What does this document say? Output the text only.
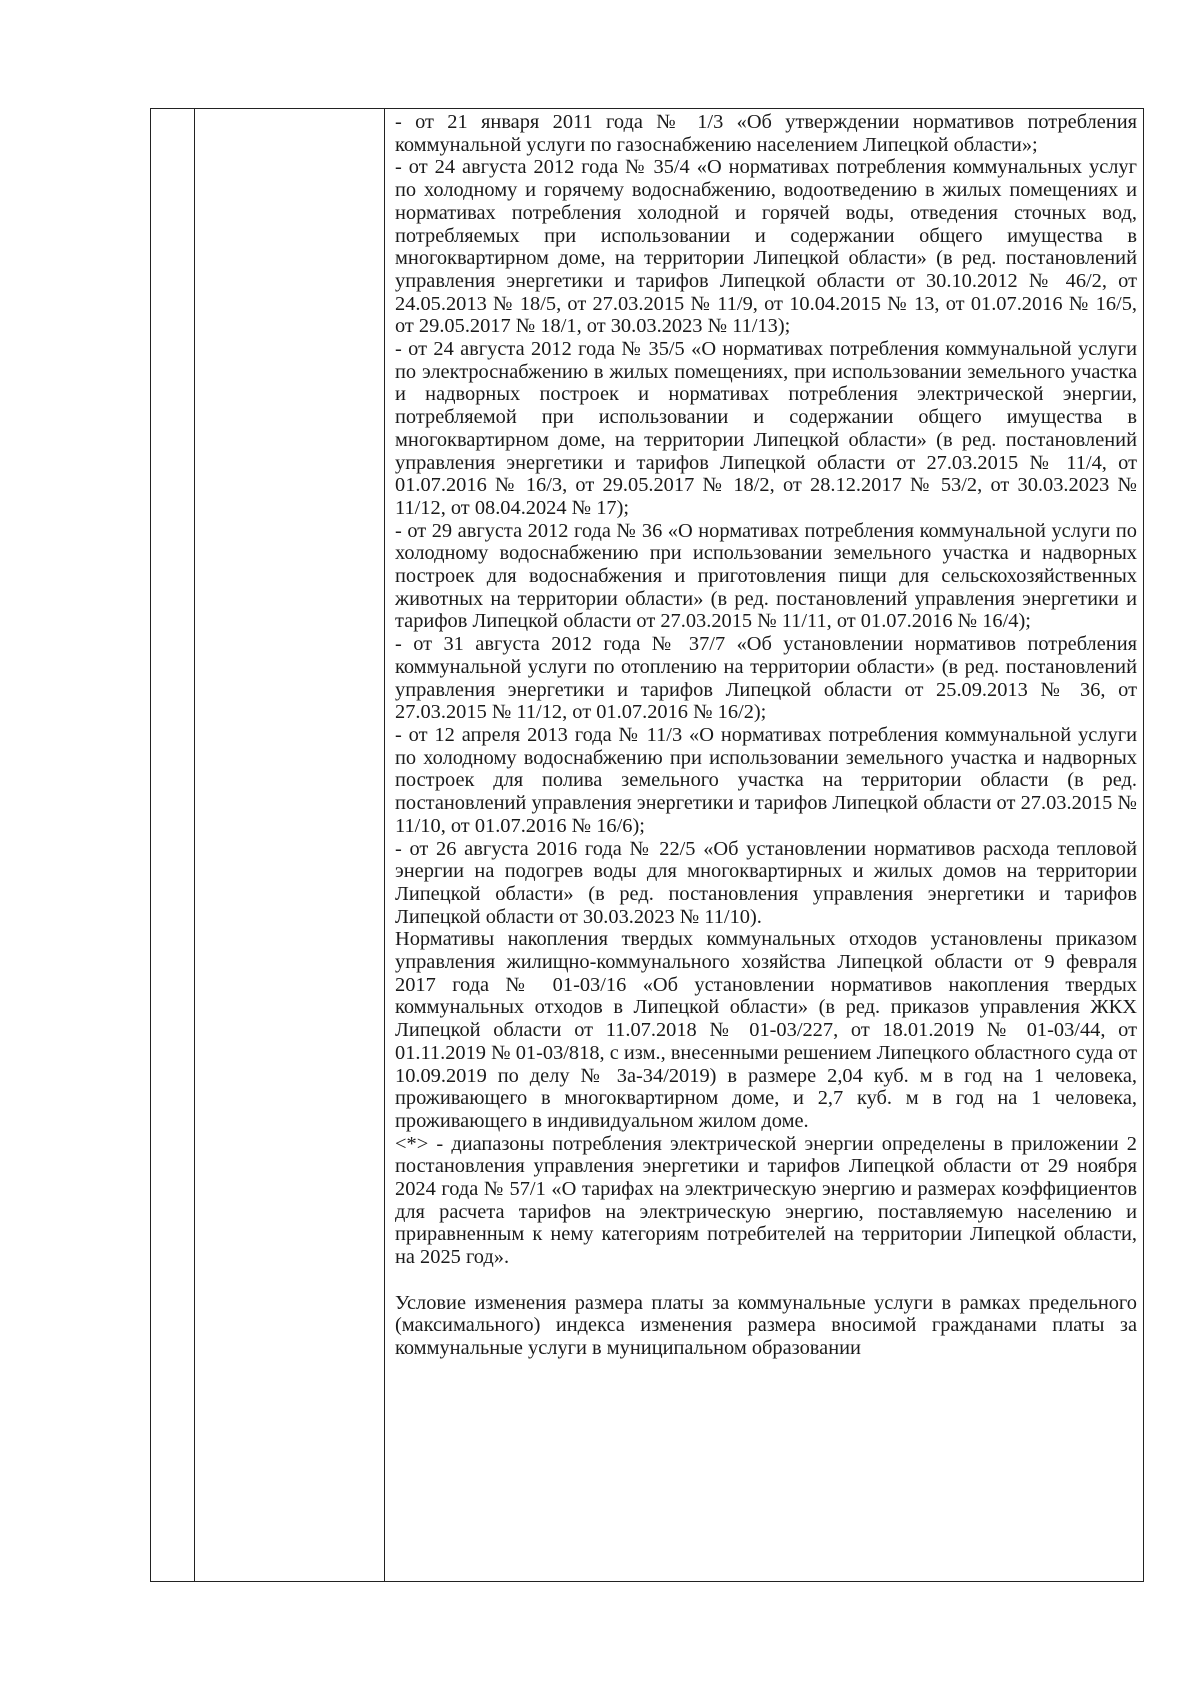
- от 21 января 2011 года № 1/3 «Об утверждении нормативов потребления коммунальной услуги по газоснабжению населением Липецкой области»;

- от 24 августа 2012 года № 35/4 «О нормативах потребления коммунальных услуг по холодному и горячему водоснабжению, водоотведению в жилых помещениях и нормативах потребления холодной и горячей воды, отведения сточных вод, потребляемых при использовании и содержании общего имущества в многоквартирном доме, на территории Липецкой области» (в ред. постановлений управления энергетики и тарифов Липецкой области от 30.10.2012 № 46/2, от 24.05.2013 № 18/5, от 27.03.2015 № 11/9, от 10.04.2015 № 13, от 01.07.2016 № 16/5, от 29.05.2017 № 18/1, от 30.03.2023 № 11/13);

- от 24 августа 2012 года № 35/5 «О нормативах потребления коммунальной услуги по электроснабжению в жилых помещениях, при использовании земельного участка и надворных построек и нормативах потребления электрической энергии, потребляемой при использовании и содержании общего имущества в многоквартирном доме, на территории Липецкой области» (в ред. постановлений управления энергетики и тарифов Липецкой области от 27.03.2015 № 11/4, от 01.07.2016 № 16/3, от 29.05.2017 № 18/2, от 28.12.2017 № 53/2, от 30.03.2023 № 11/12, от 08.04.2024 № 17);

- от 29 августа 2012 года № 36 «О нормативах потребления коммунальной услуги по холодному водоснабжению при использовании земельного участка и надворных построек для водоснабжения и приготовления пищи для сельскохозяйственных животных на территории области» (в ред. постановлений управления энергетики и тарифов Липецкой области от 27.03.2015 № 11/11, от 01.07.2016 № 16/4);

- от 31 августа 2012 года № 37/7 «Об установлении нормативов потребления коммунальной услуги по отоплению на территории области» (в ред. постановлений управления энергетики и тарифов Липецкой области от 25.09.2013 № 36, от 27.03.2015 № 11/12, от 01.07.2016 № 16/2);

- от 12 апреля 2013 года № 11/3 «О нормативах потребления коммунальной услуги по холодному водоснабжению при использовании земельного участка и надворных построек для полива земельного участка на территории области (в ред. постановлений управления энергетики и тарифов Липецкой области от 27.03.2015 № 11/10, от 01.07.2016 № 16/6);

- от 26 августа 2016 года № 22/5 «Об установлении нормативов расхода тепловой энергии на подогрев воды для многоквартирных и жилых домов на территории Липецкой области» (в ред. постановления управления энергетики и тарифов Липецкой области от 30.03.2023 № 11/10).

Нормативы накопления твердых коммунальных отходов установлены приказом управления жилищно-коммунального хозяйства Липецкой области от 9 февраля 2017 года № 01-03/16 «Об установлении нормативов накопления твердых коммунальных отходов в Липецкой области» (в ред. приказов управления ЖКХ Липецкой области от 11.07.2018 № 01-03/227, от 18.01.2019 № 01-03/44, от 01.11.2019 № 01-03/818, с изм., внесенными решением Липецкого областного суда от 10.09.2019 по делу № 3а-34/2019) в размере 2,04 куб. м в год на 1 человека, проживающего в многоквартирном доме, и 2,7 куб. м в год на 1 человека, проживающего в индивидуальном жилом доме.

<*> - диапазоны потребления электрической энергии определены в приложении 2 постановления управления энергетики и тарифов Липецкой области от 29 ноября 2024 года № 57/1 «О тарифах на электрическую энергию и размерах коэффициентов для расчета тарифов на электрическую энергию, поставляемую населению и приравненным к нему категориям потребителей на территории Липецкой области, на 2025 год».

Условие изменения размера платы за коммунальные услуги в рамках предельного (максимального) индекса изменения размера вносимой гражданами платы за коммунальные услуги в муниципальном образовании
